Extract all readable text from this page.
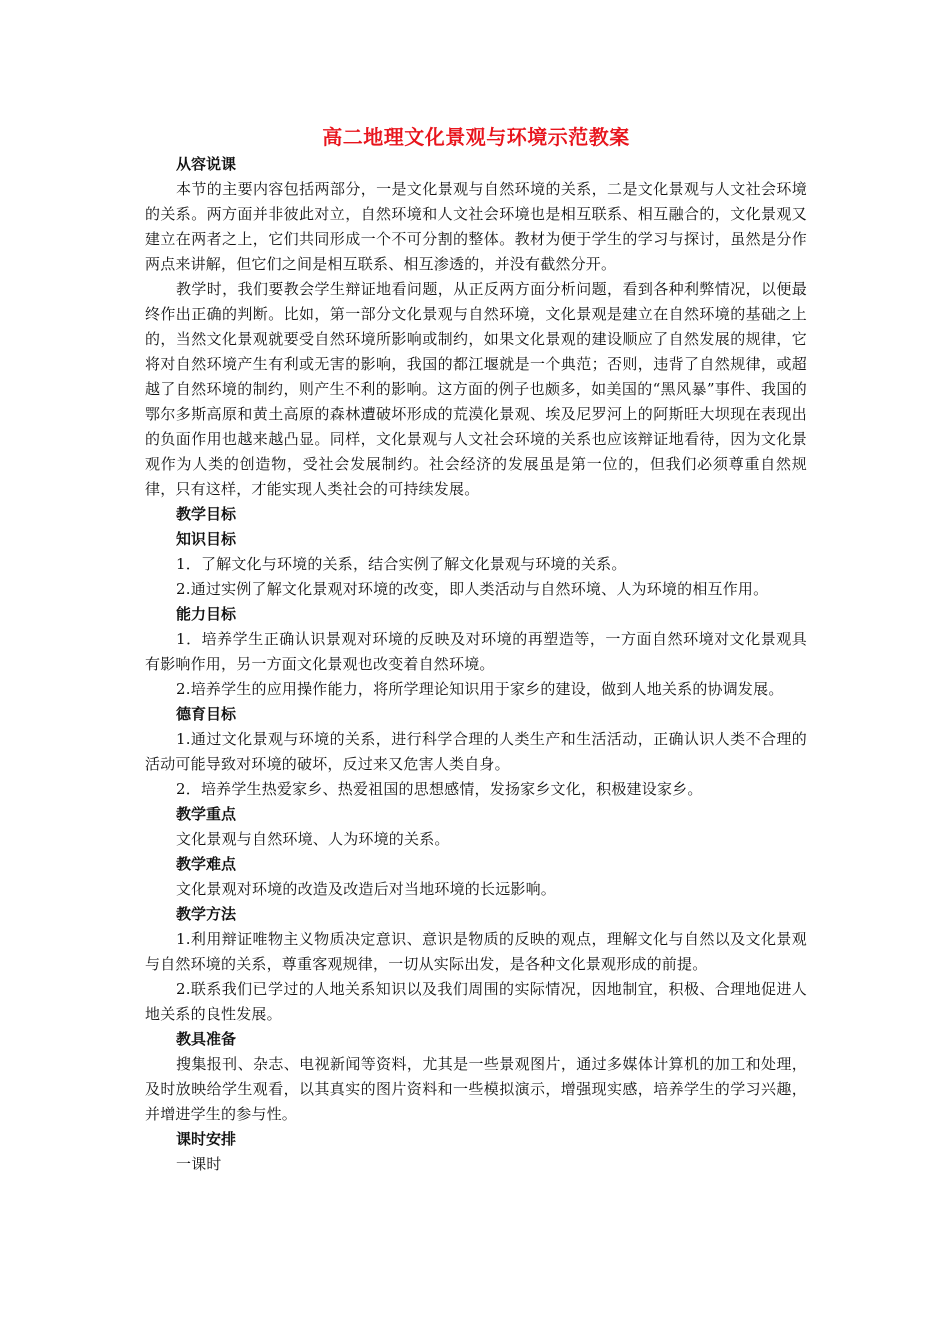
高二地理文化景观与环境示范教案
从容说课

本节的主要内容包括两部分，一是文化景观与自然环境的关系，二是文化景观与人文社会环境的关系。两方面并非彼此对立，自然环境和人文社会环境也是相互联系、相互融合的，文化景观又建立在两者之上，它们共同形成一个不可分割的整体。教材为便于学生的学习与探讨，虽然是分作两点来讲解，但它们之间是相互联系、相互渗透的，并没有截然分开。

教学时，我们要教会学生辩证地看问题，从正反两方面分析问题，看到各种利弊情况，以便最终作出正确的判断。比如，第一部分文化景观与自然环境，文化景观是建立在自然环境的基础之上的，当然文化景观就要受自然环境所影响或制约，如果文化景观的建设顺应了自然发展的规律，它将对自然环境产生有利或无害的影响，我国的都江堰就是一个典范；否则，违背了自然规律，或超越了自然环境的制约，则产生不利的影响。这方面的例子也颇多，如美国的“黑风暴”事件、我国的鄂尔多斯高原和黄土高原的森林遭破坏形成的荒漠化景观、埃及尼罗河上的阿斯旺大坝现在表现出的负面作用也越来越凸显。同样，文化景观与人文社会环境的关系也应该辩证地看待，因为文化景观作为人类的创造物，受社会发展制约。社会经济的发展虽是第一位的，但我们必须尊重自然规律，只有这样，才能实现人类社会的可持续发展。

教学目标
知识目标

1．了解文化与环境的关系，结合实例了解文化景观与环境的关系。

2.通过实例了解文化景观对环境的改变，即人类活动与自然环境、人为环境的相互作用。

能力目标

1．培养学生正确认识景观对环境的反映及对环境的再塑造等，一方面自然环境对文化景观具有影响作用，另一方面文化景观也改变着自然环境。

2.培养学生的应用操作能力，将所学理论知识用于家乡的建设，做到人地关系的协调发展。

德育目标

1.通过文化景观与环境的关系，进行科学合理的人类生产和生活活动，正确认识人类不合理的活动可能导致对环境的破坏，反过来又危害人类自身。

2．培养学生热爱家乡、热爱祖国的思想感情，发扬家乡文化，积极建设家乡。

教学重点

文化景观与自然环境、人为环境的关系。

教学难点

文化景观对环境的改造及改造后对当地环境的长远影响。

教学方法

1.利用辩证唯物主义物质决定意识、意识是物质的反映的观点，理解文化与自然以及文化景观与自然环境的关系，尊重客观规律，一切从实际出发，是各种文化景观形成的前提。

2.联系我们已学过的人地关系知识以及我们周围的实际情况，因地制宜，积极、合理地促进人地关系的良性发展。

教具准备

搜集报刊、杂志、电视新闻等资料，尤其是一些景观图片，通过多媒体计算机的加工和处理，及时放映给学生观看，以其真实的图片资料和一些模拟演示，增强现实感，培养学生的学习兴趣，并增进学生的参与性。

课时安排

一课时
